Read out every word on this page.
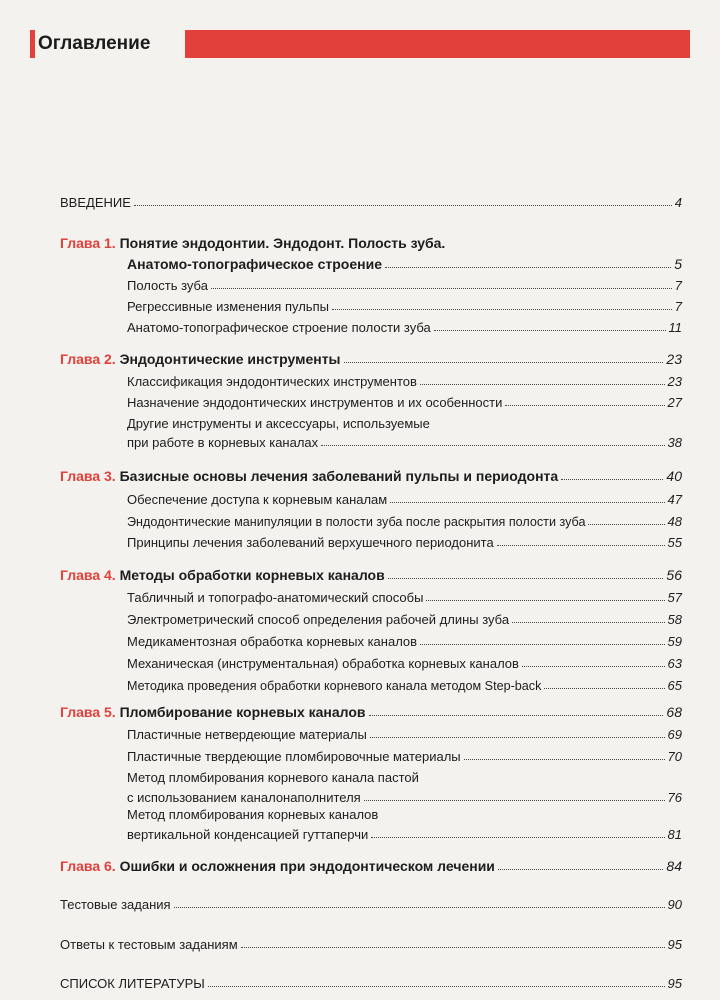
Оглавление
ВВЕДЕНИЕ	4
Глава 1. Понятие эндодонтии. Эндодонт. Полость зуба.
Анатомо-топографическое строение	5
Полость зуба	7
Регрессивные изменения пульпы	7
Анатомо-топографическое строение полости зуба	11
Глава 2. Эндодонтические инструменты	23
Классификация эндодонтических инструментов	23
Назначение эндодонтических инструментов и их особенности	27
Другие инструменты и аксессуары, используемые
при работе в корневых каналах	38
Глава 3. Базисные основы лечения заболеваний пульпы и периодонта	40
Обеспечение доступа к корневым каналам	47
Эндодонтические манипуляции в полости зуба после раскрытия полости зуба	48
Принципы лечения заболеваний верхушечного периодонита	55
Глава 4. Методы обработки корневых каналов	56
Табличный и топографо-анатомический способы	57
Электрометрический способ определения рабочей длины зуба	58
Медикаментозная обработка корневых каналов	59
Механическая (инструментальная) обработка корневых каналов	63
Методика проведения обработки корневого канала методом Step-back	65
Глава 5. Пломбирование корневых каналов	68
Пластичные нетвердеющие материалы	69
Пластичные твердеющие пломбировочные материалы	70
Метод пломбирования корневого канала пастой
с использованием каналонаполнителя	76
Метод пломбирования корневых каналов
вертикальной конденсацией гуттаперчи	81
Глава 6. Ошибки и осложнения при эндодонтическом лечении	84
Тестовые задания	90
Ответы к тестовым заданиям	95
СПИСОК ЛИТЕРАТУРЫ	95
